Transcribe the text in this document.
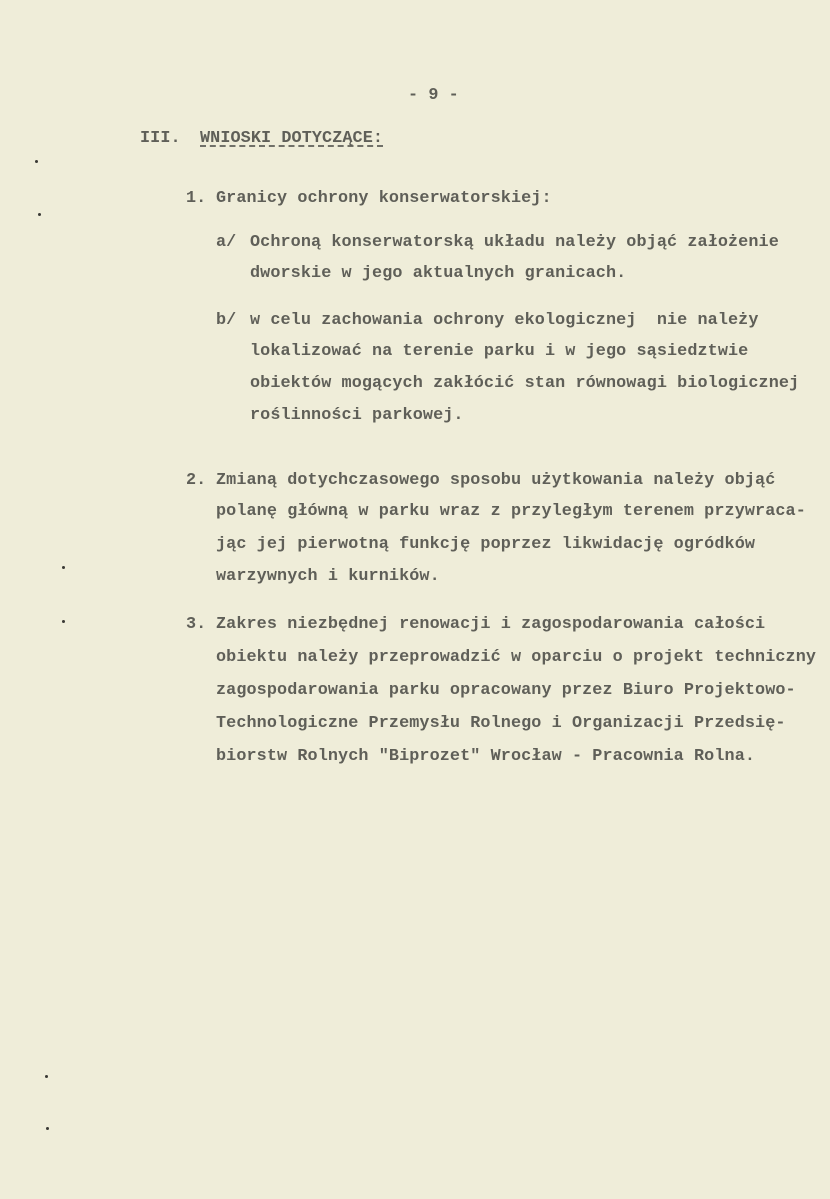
- 9 -
III. WNIOSKI DOTYCZĄCE:
1. Granicy ochrony konserwatorskiej:
a/ Ochroną konserwatorską układu należy objąć założenie
dworskie w jego aktualnych granicach.
b/ w celu zachowania ochrony ekologicznej  nie należy
lokalizować na terenie parku i w jego sąsiedztwie
obiektów mogących zakłócić stan równowagi biologicznej
roślinności parkowej.
2. Zmianą dotychczasowego sposobu użytkowania należy objąć
polanę główną w parku wraz z przyległym terenem przywraca-
jąc jej pierwotną funkcję poprzez likwidację ogródków
warzywnych i kurników.
3. Zakres niezbędnej renowacji i zagospodarowania całości
obiektu należy przeprowadzić w oparciu o projekt techniczny
zagospodarowania parku opracowany przez Biuro Projektowo-
Technologiczne Przemysłu Rolnego i Organizacji Przedsię-
biorstw Rolnych "Biprozet" Wrocław - Pracownia Rolna.
